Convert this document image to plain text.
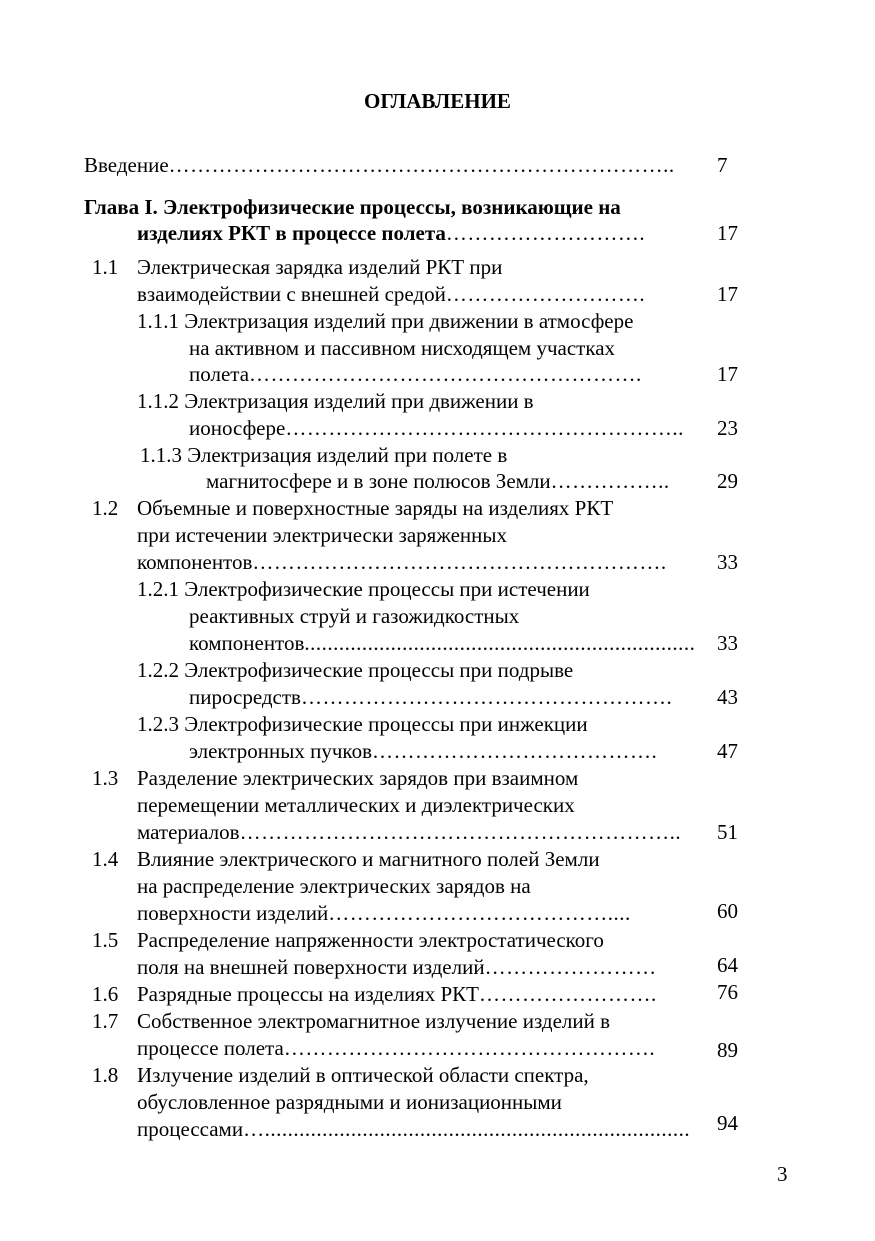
ОГЛАВЛЕНИЕ
Введение……………………………………………………………..	7
Глава I. Электрофизические процессы, возникающие на
изделиях РКТ в процессе полета……………………….	17
1.1 Электрическая зарядка изделий РКТ при
взаимодействии с внешней средой……………………….	17
1.1.1 Электризация изделий при движении в атмосфере
на активном и пассивном нисходящем участках
полета……………………………………………….	17
1.1.2 Электризация изделий при движении в
ионосфере………………………………………………..	23
1.1.3 Электризация изделий при полете в
магнитосфере и в зоне полюсов Земли……………..	29
1.2 Объемные и поверхностные заряды на изделиях РКТ
при истечении электрически заряженных
компонентов………………………………………………….	33
1.2.1 Электрофизические процессы при истечении
реактивных струй и газожидкостных
компонентов....................................................................	33
1.2.2 Электрофизические процессы при подрыве
пиросредств…………………………………………….	43
1.2.3 Электрофизические процессы при инжекции
электронных пучков………………………………….	47
1.3 Разделение электрических зарядов при взаимном
перемещении металлических и диэлектрических
материалов……………………………………………………..	51
1.4 Влияние электрического и магнитного полей Земли
на распределение электрических зарядов на
поверхности изделий…………………………………....	60
1.5 Распределение напряженности электростатического
поля на внешней поверхности изделий……………………	64
1.6 Разрядные процессы на изделиях РКТ…………………….	76
1.7 Собственное электромагнитное излучение изделий в
процессе полета…………………………………………….	89
1.8 Излучение изделий в оптической области спектра,
обусловленное разрядными и ионизационными
процессами…..........................................................................	94
3
